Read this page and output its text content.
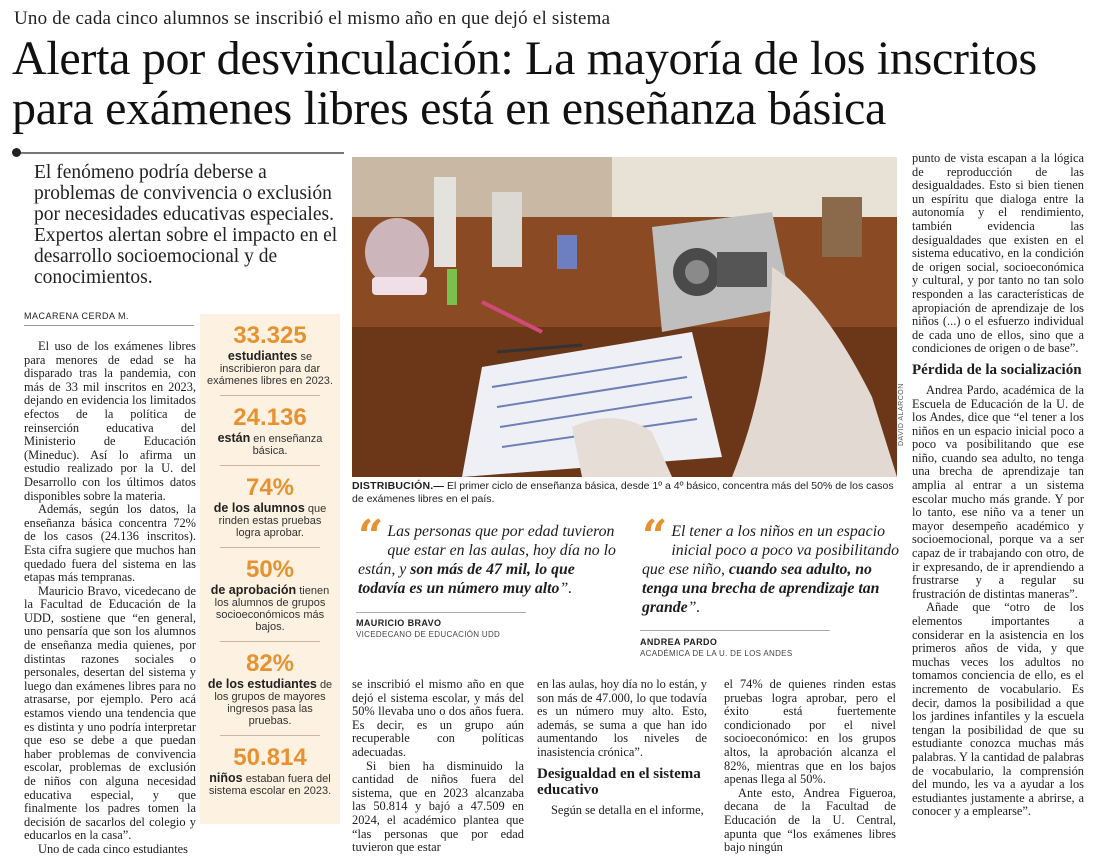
Uno de cada cinco alumnos se inscribió el mismo año en que dejó el sistema
Alerta por desvinculación: La mayoría de los inscritos para exámenes libres está en enseñanza básica
El fenómeno podría deberse a problemas de convivencia o exclusión por necesidades educativas especiales. Expertos alertan sobre el impacto en el desarrollo socioemocional y de conocimientos.
MACARENA CERDA M.

El uso de los exámenes libres para menores de edad se ha disparado tras la pandemia, con más de 33 mil inscritos en 2023, dejando en evidencia los limitados efectos de la política de reinserción educativa del Ministerio de Educación (Mineduc). Así lo afirma un estudio realizado por la U. del Desarrollo con los últimos datos disponibles sobre la materia.

Además, según los datos, la enseñanza básica concentra 72% de los casos (24.136 inscritos). Esta cifra sugiere que muchos han quedado fuera del sistema en las etapas más tempranas.

Mauricio Bravo, vicedecano de la Facultad de Educación de la UDD, sostiene que “en general, uno pensaría que son los alumnos de enseñanza media quienes, por distintas razones sociales o personales, desertan del sistema y luego dan exámenes libres para no atrasarse, por ejemplo. Pero acá estamos viendo una tendencia que es distinta y uno podría interpretar que eso se debe a que puedan haber problemas de convivencia escolar, problemas de exclusión de niños con alguna necesidad educativa especial, y que finalmente los padres tomen la decisión de sacarlos del colegio y educarlos en la casa”.

Uno de cada cinco estudiantes

33.325
estudiantes se inscribieron para dar exámenes libres en 2023.
24.136
están en enseñanza básica.
74%
de los alumnos que rinden estas pruebas logra aprobar.
50%
de aprobación tienen los alumnos de grupos socioeconómicos más bajos.
82%
de los estudiantes de los grupos de mayores ingresos pasa las pruebas.
50.814
niños estaban fuera del sistema escolar en 2023.
DAVID ALARCÓN
DISTRIBUCIÓN.— El primer ciclo de enseñanza básica, desde 1º a 4º básico, concentra más del 50% de los casos de exámenes libres en el país.
“ Las personas que por edad tuvieron que estar en las aulas, hoy día no lo están, y son más de 47 mil, lo que todavía es un número muy alto”.
MAURICIO BRAVO
VICEDECANO DE EDUCACIÓN UDD
“ El tener a los niños en un espacio inicial poco a poco va posibilitando que ese niño, cuando sea adulto, no tenga una brecha de aprendizaje tan grande”.
ANDREA PARDO
ACADÉMICA DE LA U. DE LOS ANDES

se inscribió el mismo año en que dejó el sistema escolar, y más del 50% llevaba uno o dos años fuera. Es decir, es un grupo aún recuperable con políticas adecuadas.

Si bien ha disminuido la cantidad de niños fuera del sistema, que en 2023 alcanzaba las 50.814 y bajó a 47.509 en 2024, el académico plantea que “las personas que por edad tuvieron que estar

en las aulas, hoy día no lo están, y son más de 47.000, lo que todavía es un número muy alto. Esto, además, se suma a que han ido aumentando los niveles de inasistencia crónica”.

Desigualdad en el sistema educativo

Según se detalla en el informe,

el 74% de quienes rinden estas pruebas logra aprobar, pero el éxito está fuertemente condicionado por el nivel socioeconómico: en los grupos altos, la aprobación alcanza el 82%, mientras que en los bajos apenas llega al 50%.

Ante esto, Andrea Figueroa, decana de la Facultad de Educación de la U. Central, apunta que “los exámenes libres bajo ningún

punto de vista escapan a la lógica de reproducción de las desigualdades. Esto si bien tienen un espíritu que dialoga entre la autonomía y el rendimiento, también evidencia las desigualdades que existen en el sistema educativo, en la condición de origen social, socioeconómica y cultural, y por tanto no tan solo responden a las características de apropiación de aprendizaje de los niños (...) o el esfuerzo individual de cada uno de ellos, sino que a condiciones de origen o de base”.

Pérdida de la socialización

Andrea Pardo, académica de la Escuela de Educación de la U. de los Andes, dice que “el tener a los niños en un espacio inicial poco a poco va posibilitando que ese niño, cuando sea adulto, no tenga una brecha de aprendizaje tan amplia al entrar a un sistema escolar mucho más grande. Y por lo tanto, ese niño va a tener un mayor desempeño académico y socioemocional, porque va a ser capaz de ir trabajando con otro, de ir expresando, de ir aprendiendo a frustrarse y a regular su frustración de distintas maneras”.

Añade que “otro de los elementos importantes a considerar en la asistencia en los primeros años de vida, y que muchas veces los adultos no tomamos conciencia de ello, es el incremento de vocabulario. Es decir, damos la posibilidad a que los jardines infantiles y la escuela tengan la posibilidad de que su estudiante conozca muchas más palabras. Y la cantidad de palabras de vocabulario, la comprensión del mundo, les va a ayudar a los estudiantes justamente a abrirse, a conocer y a emplearse”.
